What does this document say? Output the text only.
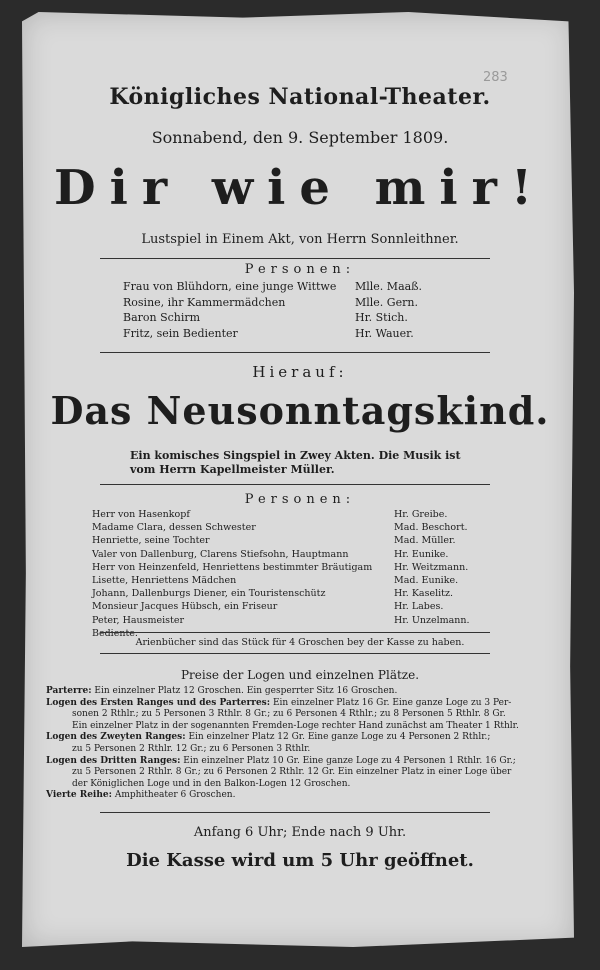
283
Königliches National-Theater.
Sonnabend, den 9. September 1809.
Dir wie mir!
Lustspiel in Einem Akt, von Herrn Sonnleithner.
Personen:
Frau von Blühdorn, eine junge Wittwe Mlle. Maaß.
Rosine, ihr Kammermädchen	Mlle. Gern.
Baron Schirm	Hr. Stich.
Fritz, sein Bedienter	Hr. Wauer.
Hierauf:
Das Neusonntagskind.
Ein komisches Singspiel in Zwey Akten. Die Musik ist vom Herrn Kapellmeister Müller.
Personen:
Herr von Hasenkopf	Hr. Greibe.
Madame Clara, dessen Schwester	Mad. Beschort.
Henriette, seine Tochter	Mad. Müller.
Valer von Dallenburg, Clarens Stiefsohn, Hauptmann	Hr. Eunike.
Herr von Heinzenfeld, Henriettens bestimmter Bräutigam Hr. Weitzmann.
Lisette, Henriettens Mädchen	Mad. Eunike.
Johann, Dallenburgs Diener, ein Touristenschütz	Hr. Kaselitz.
Monsieur Jacques Hübsch, ein Friseur	Hr. Labes.
Peter, Hausmeister	Hr. Unzelmann.
Bediente.
Arienbücher sind das Stück für 4 Groschen bey der Kasse zu haben.
Preise der Logen und einzelnen Plätze.
Parterre: Ein einzelner Platz 12 Groschen. Ein gesperrter Sitz 16 Groschen.
Logen des Ersten Ranges und des Parterres: Ein einzelner Platz 16 Gr. Eine ganze Loge zu 3 Per-
sonen 2 Rthlr.; zu 5 Personen 3 Rthlr. 8 Gr.; zu 6 Personen 4 Rthlr.; zu 8 Personen 5 Rthlr. 8 Gr.
Ein einzelner Platz in der sogenannten Fremden-Loge rechter Hand zunächst am Theater 1 Rthlr.
Logen des Zweyten Ranges: Ein einzelner Platz 12 Gr. Eine ganze Loge zu 4 Personen 2 Rthlr.;
zu 5 Personen 2 Rthlr. 12 Gr.; zu 6 Personen 3 Rthlr.
Logen des Dritten Ranges: Ein einzelner Platz 10 Gr. Eine ganze Loge zu 4 Personen 1 Rthlr. 16 Gr.;
zu 5 Personen 2 Rthlr. 8 Gr.; zu 6 Personen 2 Rthlr. 12 Gr. Ein einzelner Platz in einer Loge über
der Königlichen Loge und in den Balkon-Logen 12 Groschen.
Vierte Reihe: Amphitheater 6 Groschen.
Anfang 6 Uhr; Ende nach 9 Uhr.
Die Kasse wird um 5 Uhr geöffnet.
